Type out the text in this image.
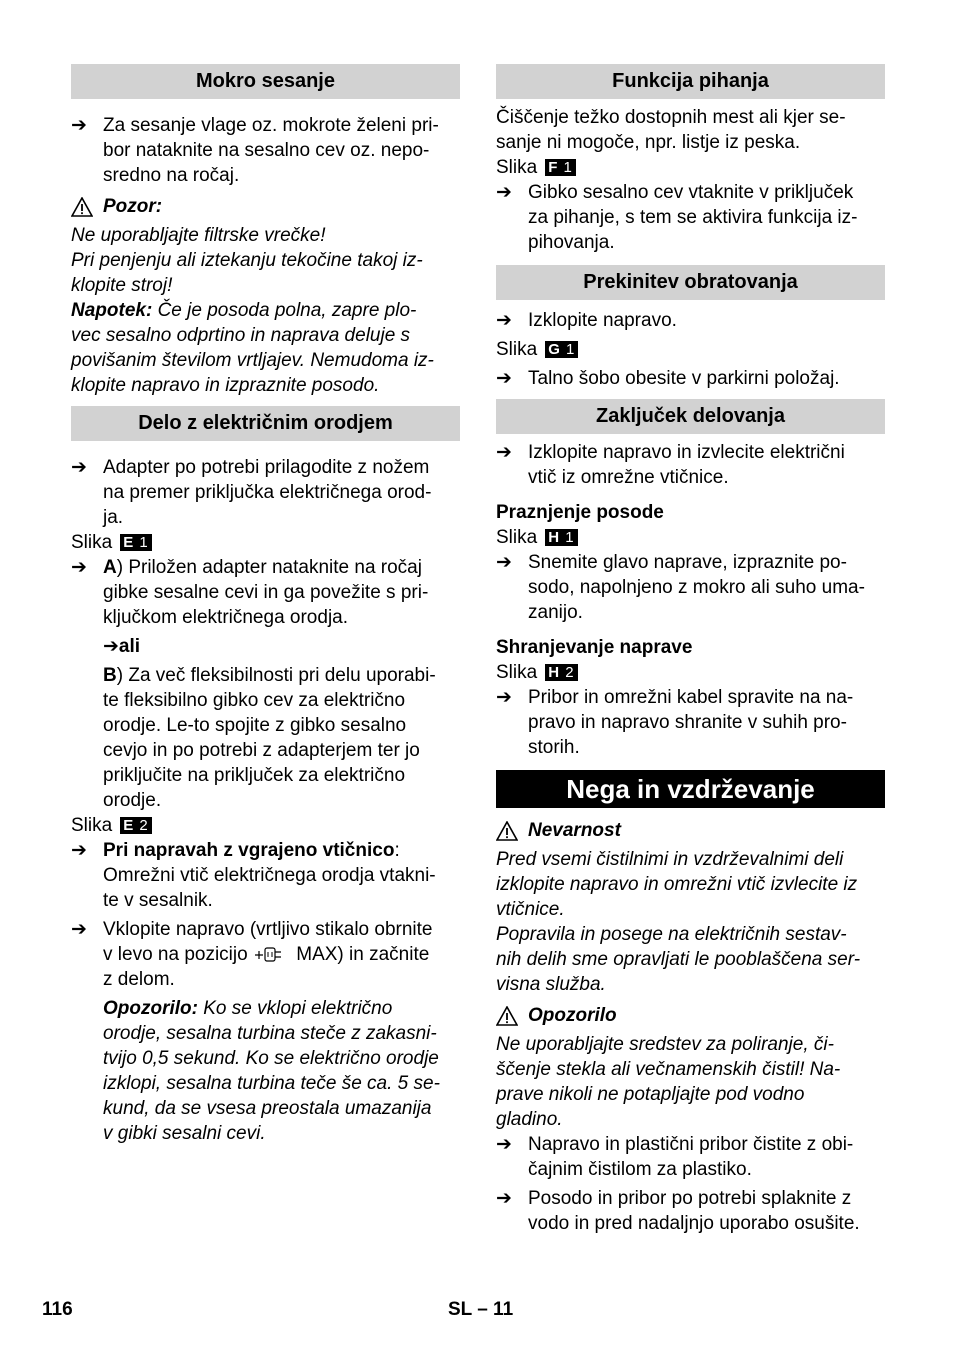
Mokro sesanje
➔ Za sesanje vlage oz. mokrote želeni pri-
bor nataknite na sesalno cev oz. nepo-
sredno na ročaj.
Pozor:
Ne uporabljajte filtrske vrečke!
Pri penjenju ali iztekanju tekočine takoj iz-
klopite stroj!
Napotek: Če je posoda polna, zapre plo-
vec sesalno odprtino in naprava deluje s
povišanim številom vrtljajev. Nemudoma iz-
klopite napravo in izpraznite posodo.
Delo z električnim orodjem
➔ Adapter po potrebi prilagodite z nožem
na premer priključka električnega orod-
ja.
Slika E 1
➔ A) Priložen adapter nataknite na ročaj
gibke sesalne cevi in ga povežite s pri-
ključkom električnega orodja.
➔ali
B) Za več fleksibilnosti pri delu uporabi-
te fleksibilno gibko cev za električno
orodje. Le-to spojite z gibko sesalno
cevjo in po potrebi z adapterjem ter jo
priključite na priključek za električno
orodje.
Slika E 2
➔ Pri napravah z vgrajeno vtičnico:
Omrežni vtič električnega orodja vtakni-
te v sesalnik.
➔ Vklopite napravo (vrtljivo stikalo obrnite
v levo na pozicijo  MAX) in začnite
z delom.
Opozorilo: Ko se vklopi električno
orodje, sesalna turbina steče z zakasni-
tvijo 0,5 sekund. Ko se električno orodje
izklopi, sesalna turbina teče še ca. 5 se-
kund, da se vsesa preostala umazanija
v gibki sesalni cevi.
Funkcija pihanja
Čiščenje težko dostopnih mest ali kjer se-
sanje ni mogoče, npr. listje iz peska.
Slika F 1
➔ Gibko sesalno cev vtaknite v priključek
za pihanje, s tem se aktivira funkcija iz-
pihovanja.
Prekinitev obratovanja
➔ Izklopite napravo.
Slika G 1
➔ Talno šobo obesite v parkirni položaj.
Zaključek delovanja
➔ Izklopite napravo in izvlecite električni
vtič iz omrežne vtičnice.
Praznjenje posode
Slika H 1
➔ Snemite glavo naprave, izpraznite po-
sodo, napolnjeno z mokro ali suho uma-
zanijo.
Shranjevanje naprave
Slika H 2
➔ Pribor in omrežni kabel spravite na na-
pravo in napravo shranite v suhih pro-
storih.
Nega in vzdrževanje
Nevarnost
Pred vsemi čistilnimi in vzdrževalnimi deli
izklopite napravo in omrežni vtič izvlecite iz
vtičnice.
Popravila in posege na električnih sestav-
nih delih sme opravljati le pooblaščena ser-
visna služba.
Opozorilo
Ne uporabljajte sredstev za poliranje, či-
ščenje stekla ali večnamenskih čistil! Na-
prave nikoli ne potapljajte pod vodno
gladino.
➔ Napravo in plastični pribor čistite z obi-
čajnim čistilom za plastiko.
➔ Posodo in pribor po potrebi splaknite z
vodo in pred nadaljnjo uporabo osušite.
116	SL – 11
